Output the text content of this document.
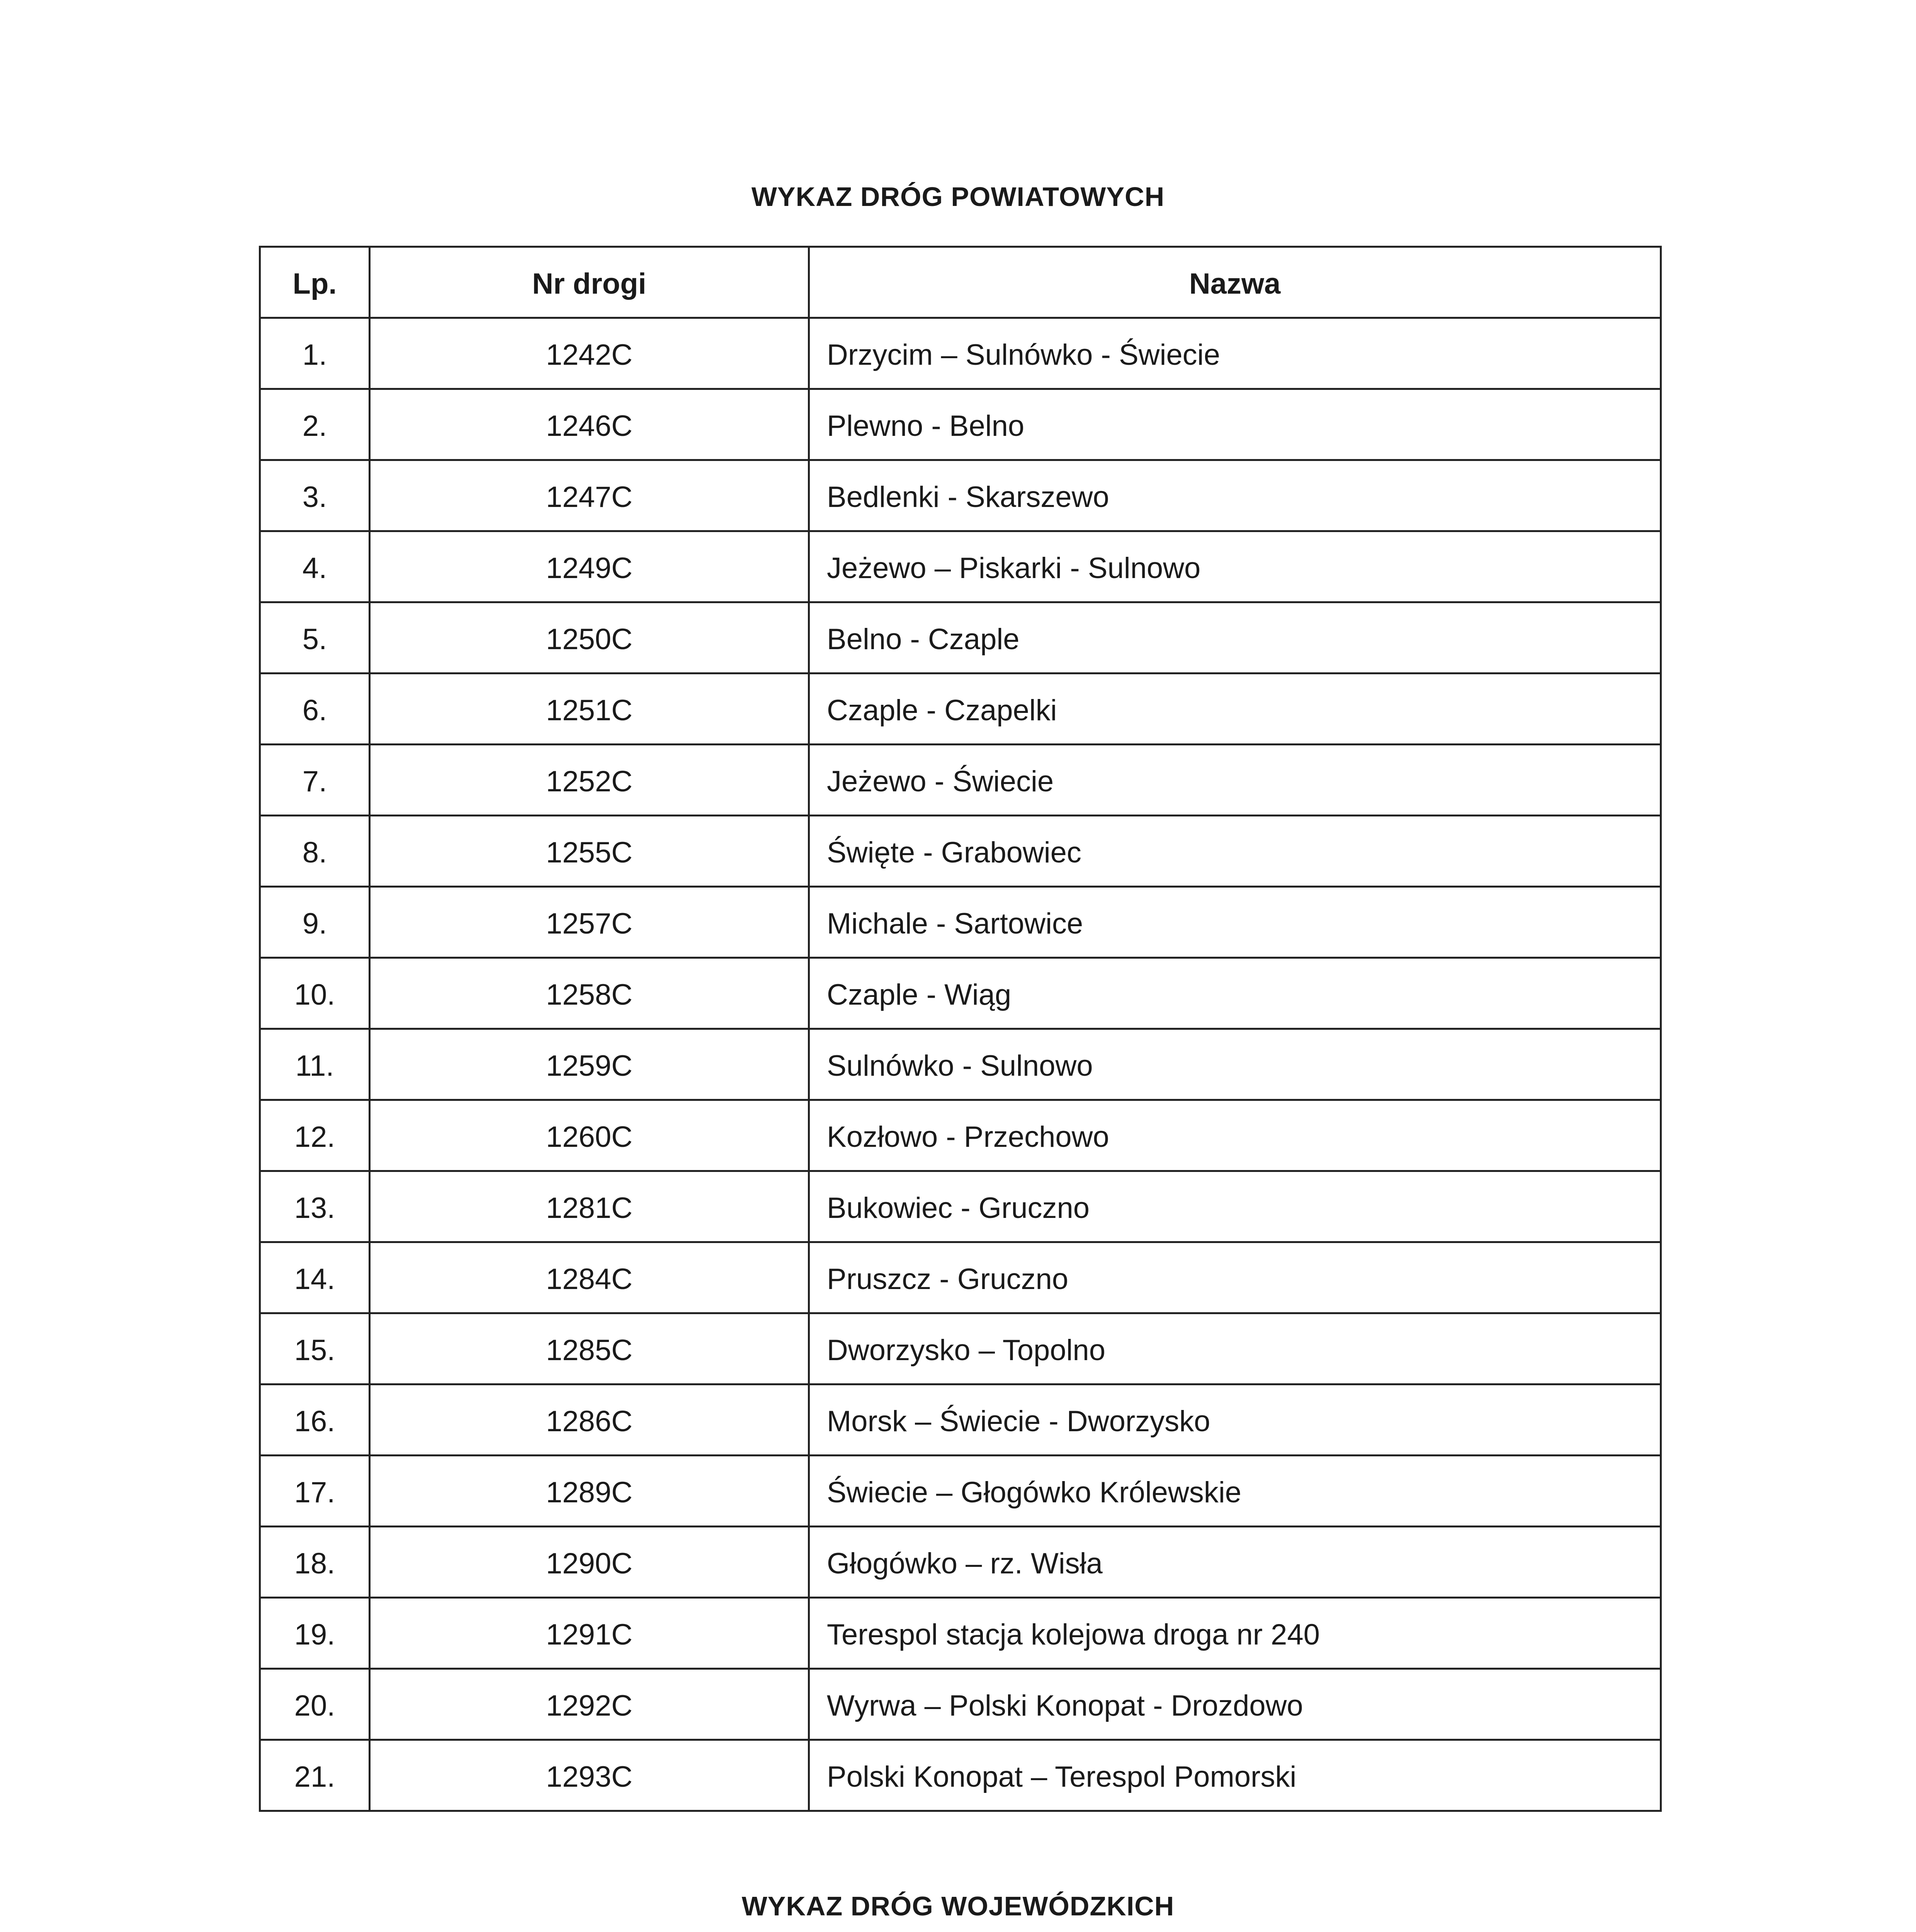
WYKAZ DRÓG POWIATOWYCH
Lp.	Nr drogi	Nazwa
1.	1242C	Drzycim – Sulnówko - Świecie
2.	1246C	Plewno - Belno
3.	1247C	Bedlenki - Skarszewo
4.	1249C	Jeżewo – Piskarki - Sulnowo
5.	1250C	Belno - Czaple
6.	1251C	Czaple - Czapelki
7.	1252C	Jeżewo - Świecie
8.	1255C	Święte - Grabowiec
9.	1257C	Michale - Sartowice
10.	1258C	Czaple - Wiąg
11.	1259C	Sulnówko - Sulnowo
12.	1260C	Kozłowo - Przechowo
13.	1281C	Bukowiec - Gruczno
14.	1284C	Pruszcz - Gruczno
15.	1285C	Dworzysko – Topolno
16.	1286C	Morsk – Świecie - Dworzysko
17.	1289C	Świecie – Głogówko Królewskie
18.	1290C	Głogówko – rz. Wisła
19.	1291C	Terespol stacja kolejowa droga nr 240
20.	1292C	Wyrwa – Polski Konopat - Drozdowo
21.	1293C	Polski Konopat – Terespol Pomorski
WYKAZ DRÓG WOJEWÓDZKICH
